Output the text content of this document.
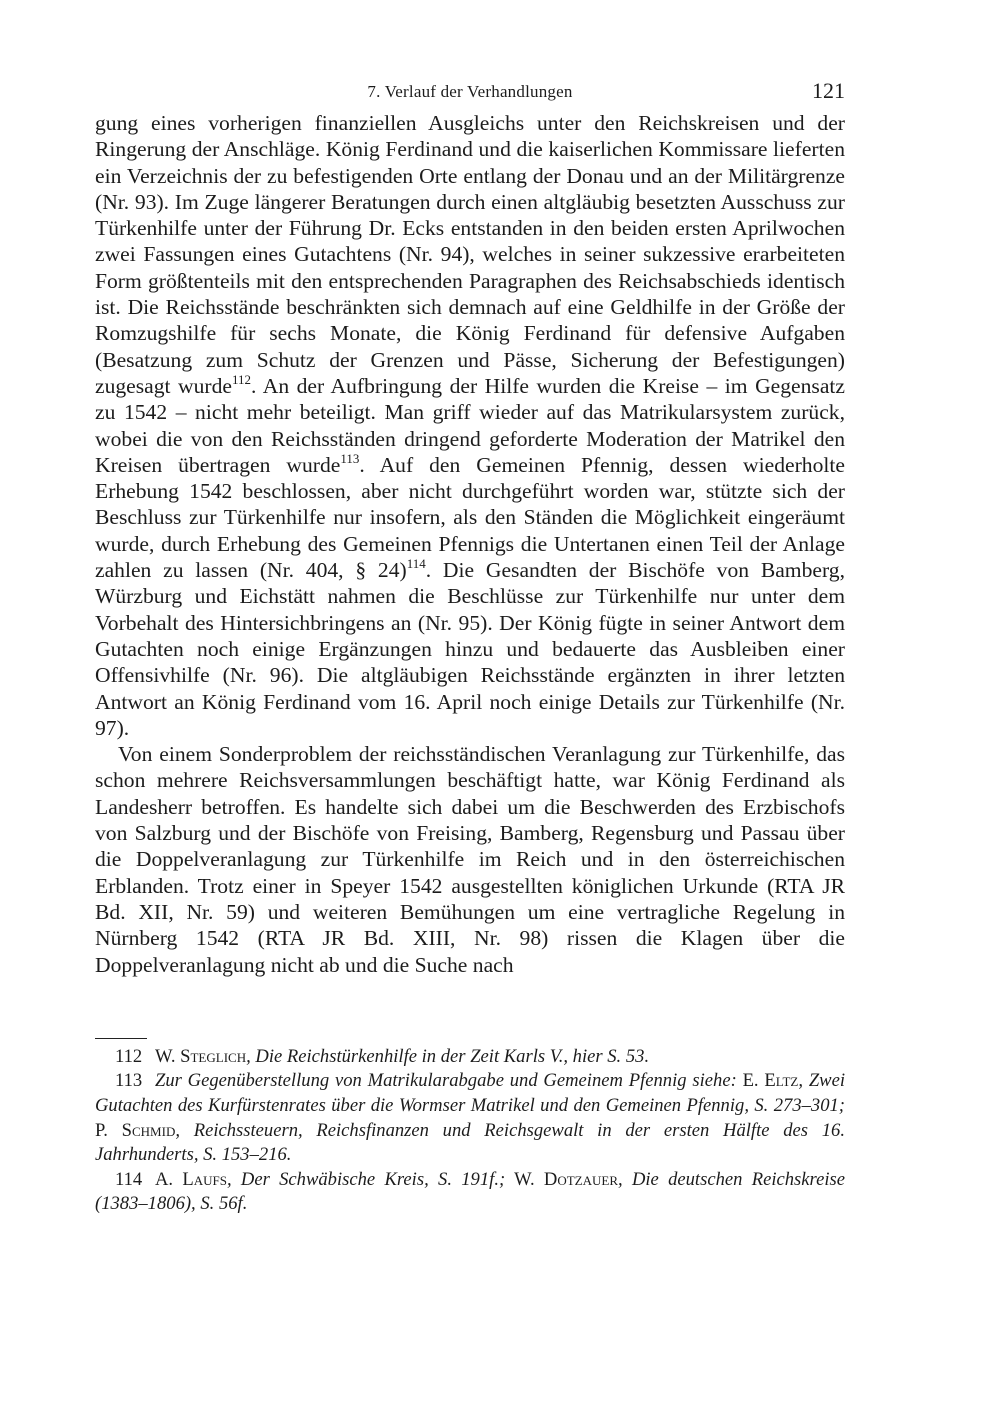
7. Verlauf der Verhandlungen	121

gung eines vorherigen finanziellen Ausgleichs unter den Reichskreisen und der Ringerung der Anschläge. König Ferdinand und die kaiserlichen Kommissare lieferten ein Verzeichnis der zu befestigenden Orte entlang der Donau und an der Militärgrenze (Nr. 93). Im Zuge längerer Beratungen durch einen altgläubig besetzten Ausschuss zur Türkenhilfe unter der Führung Dr. Ecks entstanden in den beiden ersten Aprilwochen zwei Fassungen eines Gutachtens (Nr. 94), welches in seiner sukzessive erarbeiteten Form größtenteils mit den entsprechenden Paragraphen des Reichsabschieds identisch ist. Die Reichsstände beschränkten sich demnach auf eine Geldhilfe in der Größe der Romzugshilfe für sechs Monate, die König Ferdinand für defensive Aufgaben (Besatzung zum Schutz der Grenzen und Pässe, Sicherung der Befestigungen) zugesagt wurde$^{112}$. An der Aufbringung der Hilfe wurden die Kreise – im Gegensatz zu 1542 – nicht mehr beteiligt. Man griff wieder auf das Matrikularsystem zurück, wobei die von den Reichsständen dringend geforderte Moderation der Matrikel den Kreisen übertragen wurde$^{113}$. Auf den Gemeinen Pfennig, dessen wiederholte Erhebung 1542 beschlossen, aber nicht durchgeführt worden war, stützte sich der Beschluss zur Türkenhilfe nur insofern, als den Ständen die Möglichkeit eingeräumt wurde, durch Erhebung des Gemeinen Pfennigs die Untertanen einen Teil der Anlage zahlen zu lassen (Nr. 404, § 24)$^{114}$. Die Gesandten der Bischöfe von Bamberg, Würzburg und Eichstätt nahmen die Beschlüsse zur Türkenhilfe nur unter dem Vorbehalt des Hintersichbringens an (Nr. 95). Der König fügte in seiner Antwort dem Gutachten noch einige Ergänzungen hinzu und bedauerte das Ausbleiben einer Offensivhilfe (Nr. 96). Die altgläubigen Reichsstände ergänzten in ihrer letzten Antwort an König Ferdinand vom 16. April noch einige Details zur Türkenhilfe (Nr. 97).

Von einem Sonderproblem der reichsständischen Veranlagung zur Türkenhilfe, das schon mehrere Reichsversammlungen beschäftigt hatte, war König Ferdinand als Landesherr betroffen. Es handelte sich dabei um die Beschwerden des Erzbischofs von Salzburg und der Bischöfe von Freising, Bamberg, Regensburg und Passau über die Doppelveranlagung zur Türkenhilfe im Reich und in den österreichischen Erblanden. Trotz einer in Speyer 1542 ausgestellten königlichen Urkunde (RTA JR Bd. XII, Nr. 59) und weiteren Bemühungen um eine vertragliche Regelung in Nürnberg 1542 (RTA JR Bd. XIII, Nr. 98) rissen die Klagen über die Doppelveranlagung nicht ab und die Suche nach

112 W. Steglich, Die Reichstürkenhilfe in der Zeit Karls V., hier S. 53.

113 Zur Gegenüberstellung von Matrikularabgabe und Gemeinem Pfennig siehe: E. Eltz, Zwei Gutachten des Kurfürstenrates über die Wormser Matrikel und den Gemeinen Pfennig, S. 273–301; P. Schmid, Reichssteuern, Reichsfinanzen und Reichsgewalt in der ersten Hälfte des 16. Jahrhunderts, S. 153–216.

114 A. Laufs, Der Schwäbische Kreis, S. 191f.; W. Dotzauer, Die deutschen Reichskreise (1383–1806), S. 56f.
